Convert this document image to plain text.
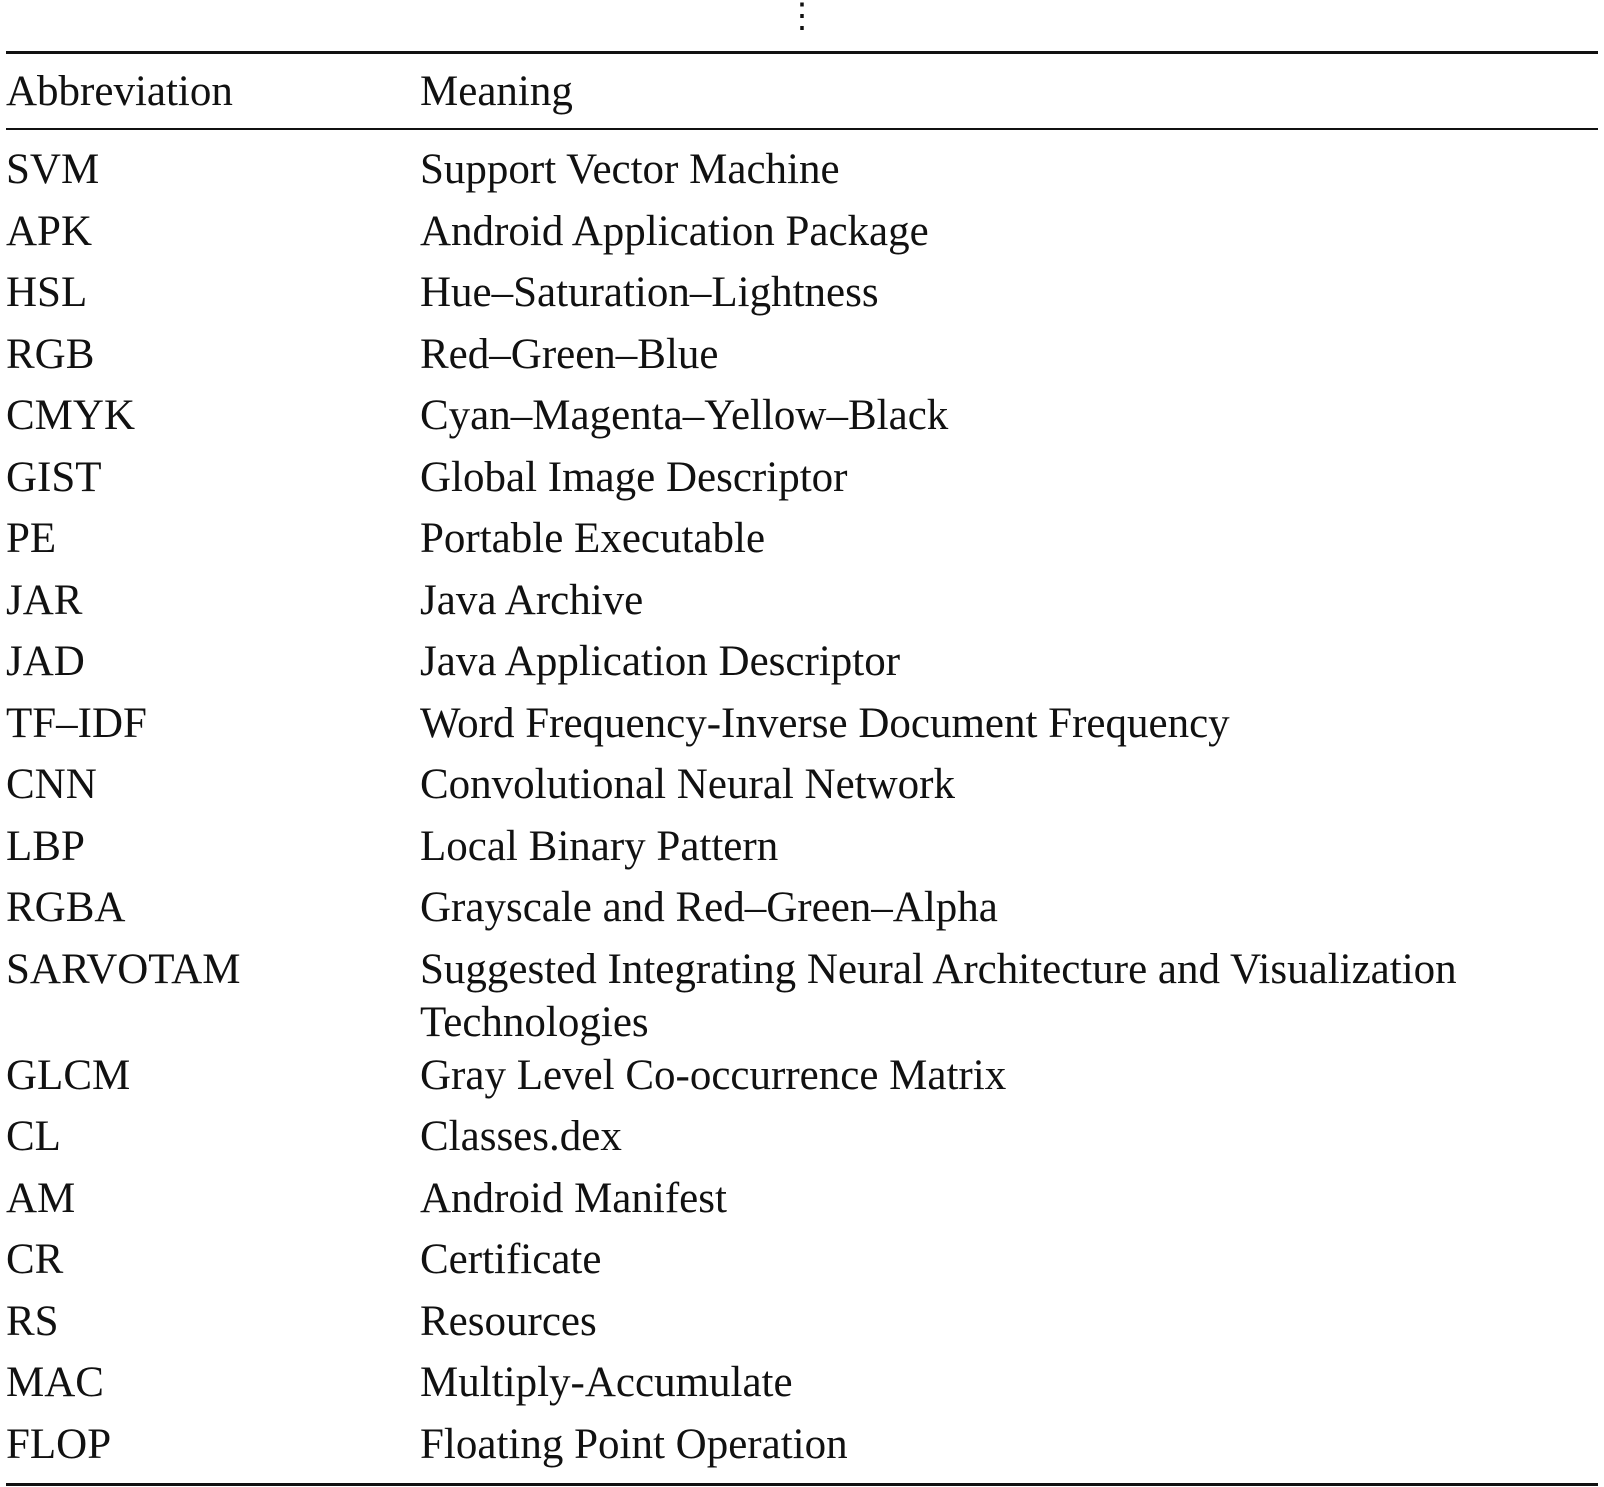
⋮
Abbreviation	Meaning
SVM	Support Vector Machine
APK	Android Application Package
HSL	Hue–Saturation–Lightness
RGB	Red–Green–Blue
CMYK	Cyan–Magenta–Yellow–Black
GIST	Global Image Descriptor
PE	Portable Executable
JAR	Java Archive
JAD	Java Application Descriptor
TF–IDF	Word Frequency-Inverse Document Frequency
CNN	Convolutional Neural Network
LBP	Local Binary Pattern
RGBA	Grayscale and Red–Green–Alpha
SARVOTAM	Suggested Integrating Neural Architecture and Visualization Technologies
GLCM	Gray Level Co-occurrence Matrix
CL	Classes.dex
AM	Android Manifest
CR	Certificate
RS	Resources
MAC	Multiply-Accumulate
FLOP	Floating Point Operation
